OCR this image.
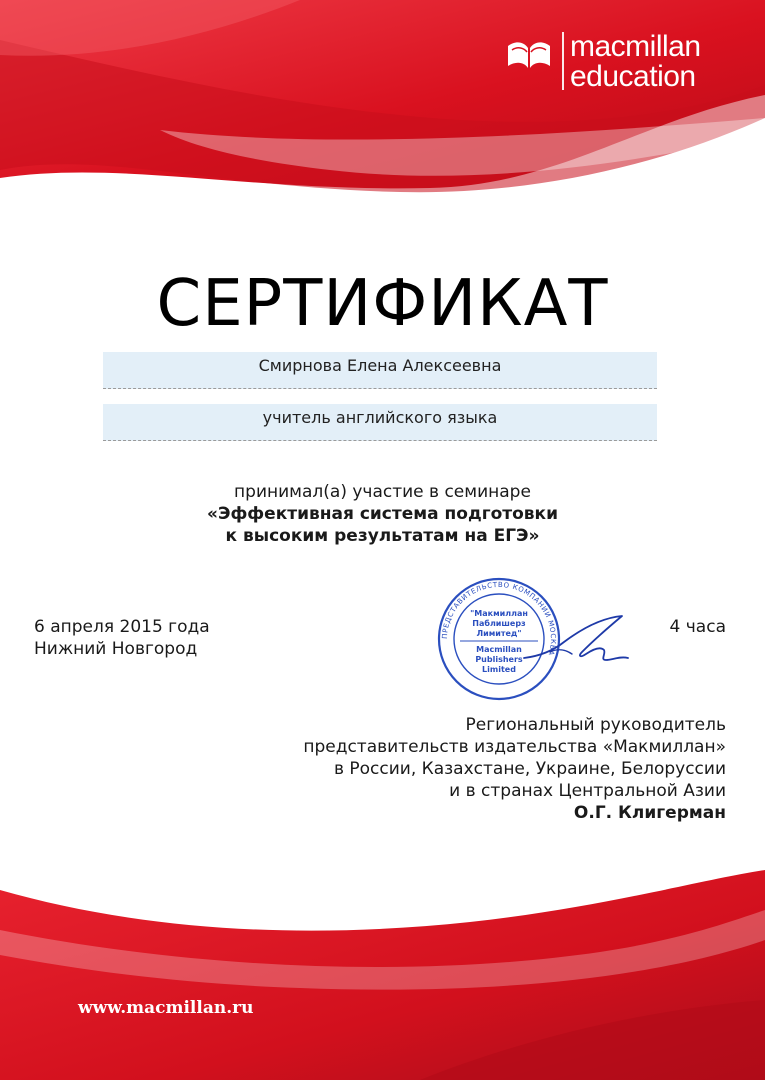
macmillan
education
СЕРТИФИКАТ
Смирнова Елена Алексеевна
учитель английского языка
принимал(а) участие в семинаре
«Эффективная система подготовки
к высоким результатам на ЕГЭ»
6 апреля 2015 года
Нижний Новгород
4 часа
ПРЕДСТАВИТЕЛЬСТВО КОМПАНИИ МОСКВА
"Макмиллан
Паблишерз
Лимитед"
Macmillan
Publishers
Limited
Региональный руководитель
представительств издательства «Макмиллан»
в России, Казахстане, Украине, Белоруссии
и в странах Центральной Азии
О.Г. Клигерман
www.macmillan.ru
